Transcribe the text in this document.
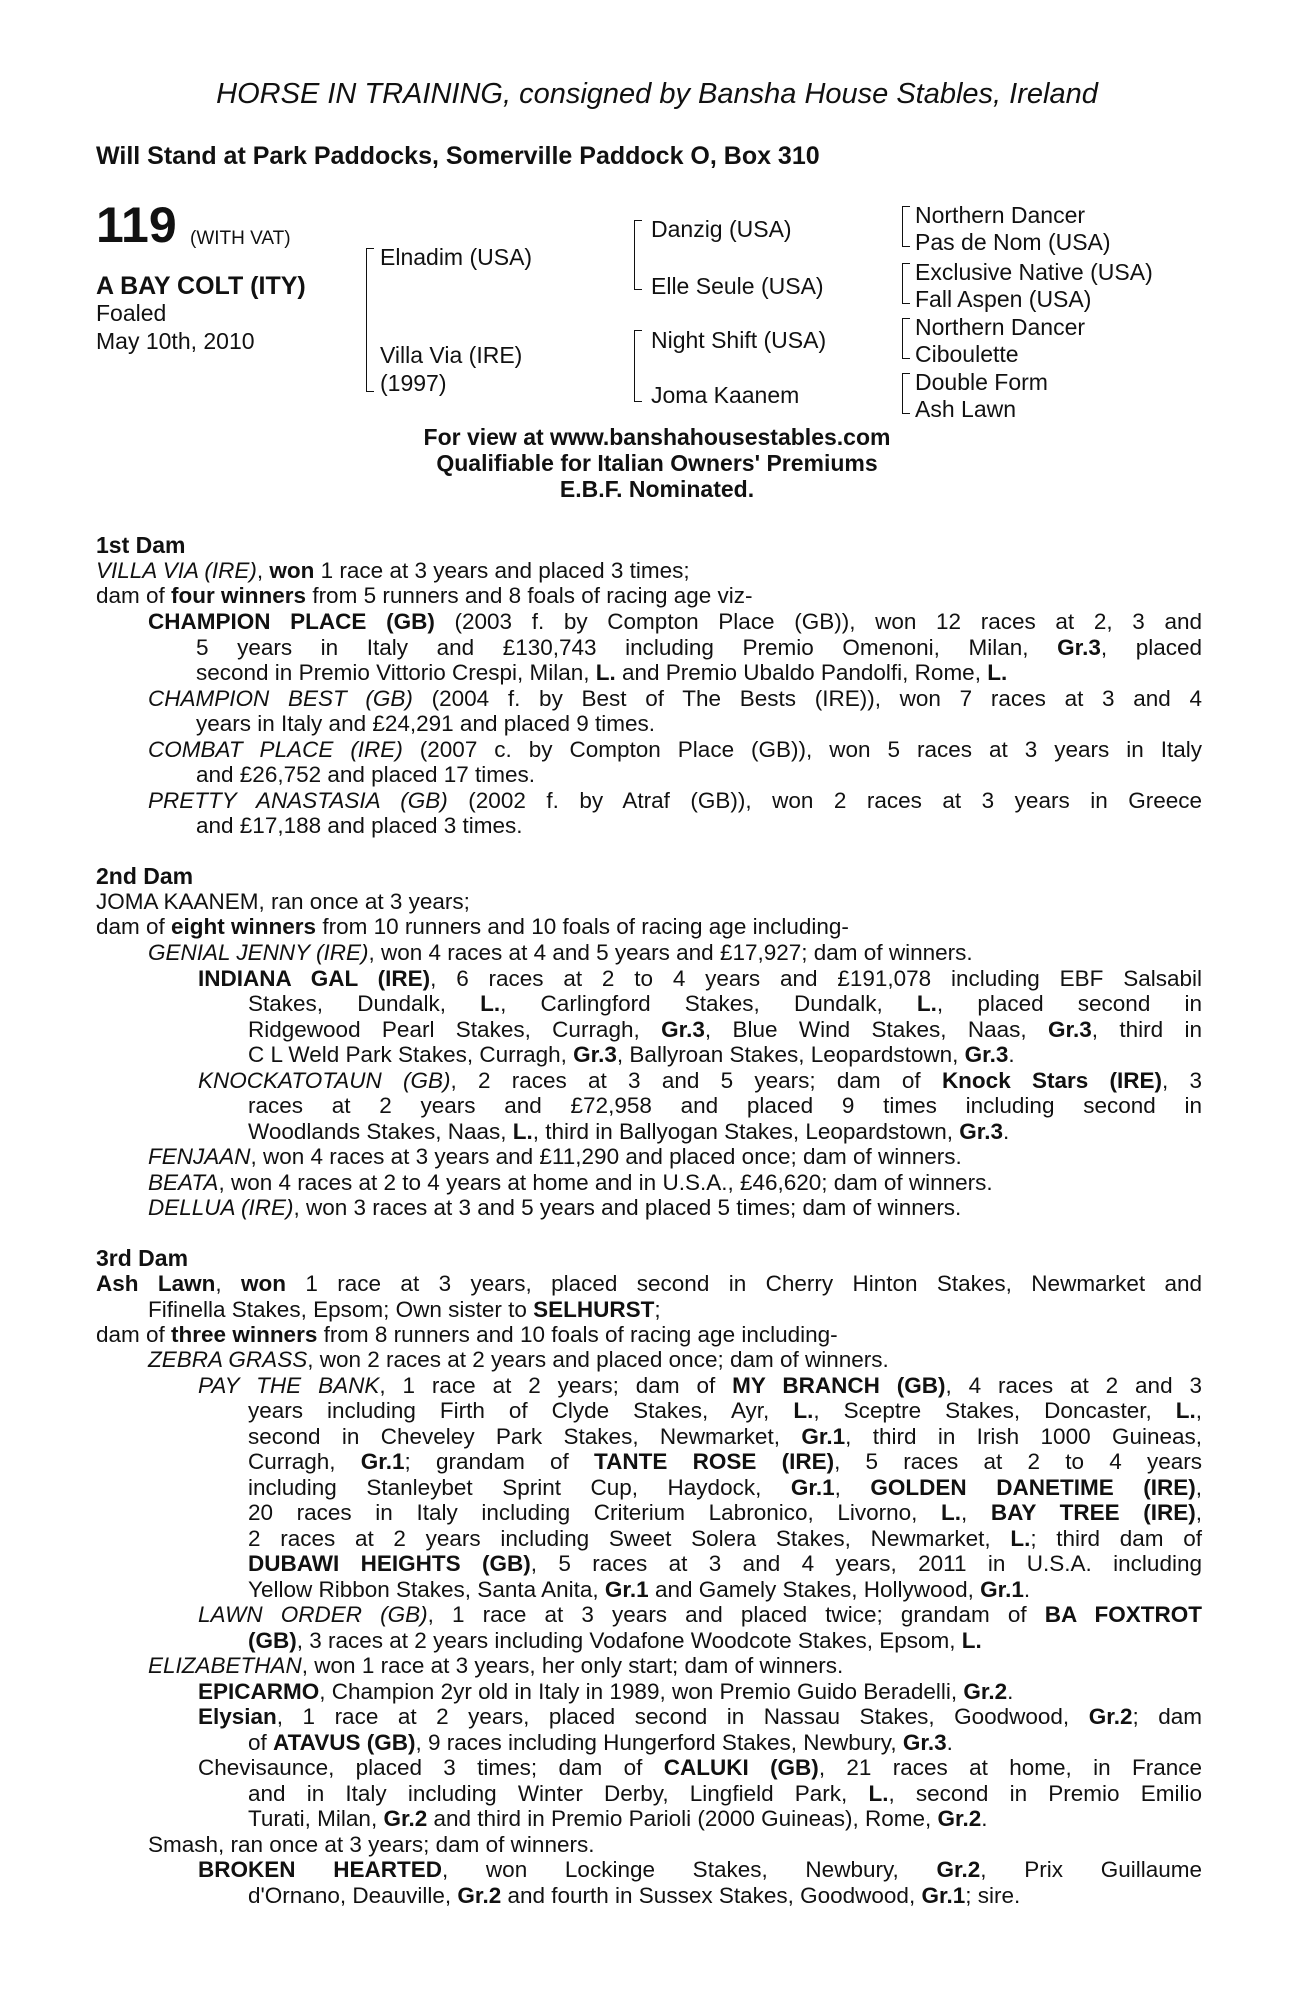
HORSE IN TRAINING, consigned by Bansha House Stables, Ireland
Will Stand at Park Paddocks, Somerville Paddock O, Box 310
119 (WITH VAT)
A BAY COLT (ITY)
Foaled
May 10th, 2010
Elnadim (USA)
Villa Via (IRE)
(1997)
Danzig (USA)
Elle Seule (USA)
Night Shift (USA)
Joma Kaanem
Northern Dancer
Pas de Nom (USA)
Exclusive Native (USA)
Fall Aspen (USA)
Northern Dancer
Ciboulette
Double Form
Ash Lawn
For view at www.banshahousestables.com
Qualifiable for Italian Owners' Premiums
E.B.F. Nominated.
1st Dam
VILLA VIA (IRE), won 1 race at 3 years and placed 3 times;
dam of four winners from 5 runners and 8 foals of racing age viz-
CHAMPION PLACE (GB) (2003 f. by Compton Place (GB)), won 12 races at 2, 3 and
5 years in Italy and £130,743 including Premio Omenoni, Milan, Gr.3, placed
second in Premio Vittorio Crespi, Milan, L. and Premio Ubaldo Pandolfi, Rome, L.
CHAMPION BEST (GB) (2004 f. by Best of The Bests (IRE)), won 7 races at 3 and 4
years in Italy and £24,291 and placed 9 times.
COMBAT PLACE (IRE) (2007 c. by Compton Place (GB)), won 5 races at 3 years in Italy
and £26,752 and placed 17 times.
PRETTY ANASTASIA (GB) (2002 f. by Atraf (GB)), won 2 races at 3 years in Greece
and £17,188 and placed 3 times.
2nd Dam
JOMA KAANEM, ran once at 3 years;
dam of eight winners from 10 runners and 10 foals of racing age including-
GENIAL JENNY (IRE), won 4 races at 4 and 5 years and £17,927; dam of winners.
INDIANA GAL (IRE), 6 races at 2 to 4 years and £191,078 including EBF Salsabil
Stakes, Dundalk, L., Carlingford Stakes, Dundalk, L., placed second in
Ridgewood Pearl Stakes, Curragh, Gr.3, Blue Wind Stakes, Naas, Gr.3, third in
C L Weld Park Stakes, Curragh, Gr.3, Ballyroan Stakes, Leopardstown, Gr.3.
KNOCKATOTAUN (GB), 2 races at 3 and 5 years; dam of Knock Stars (IRE), 3
races at 2 years and £72,958 and placed 9 times including second in
Woodlands Stakes, Naas, L., third in Ballyogan Stakes, Leopardstown, Gr.3.
FENJAAN, won 4 races at 3 years and £11,290 and placed once; dam of winners.
BEATA, won 4 races at 2 to 4 years at home and in U.S.A., £46,620; dam of winners.
DELLUA (IRE), won 3 races at 3 and 5 years and placed 5 times; dam of winners.
3rd Dam
Ash Lawn, won 1 race at 3 years, placed second in Cherry Hinton Stakes, Newmarket and
Fifinella Stakes, Epsom; Own sister to SELHURST;
dam of three winners from 8 runners and 10 foals of racing age including-
ZEBRA GRASS, won 2 races at 2 years and placed once; dam of winners.
PAY THE BANK, 1 race at 2 years; dam of MY BRANCH (GB), 4 races at 2 and 3
years including Firth of Clyde Stakes, Ayr, L., Sceptre Stakes, Doncaster, L.,
second in Cheveley Park Stakes, Newmarket, Gr.1, third in Irish 1000 Guineas,
Curragh, Gr.1; grandam of TANTE ROSE (IRE), 5 races at 2 to 4 years
including Stanleybet Sprint Cup, Haydock, Gr.1, GOLDEN DANETIME (IRE),
20 races in Italy including Criterium Labronico, Livorno, L., BAY TREE (IRE),
2 races at 2 years including Sweet Solera Stakes, Newmarket, L.; third dam of
DUBAWI HEIGHTS (GB), 5 races at 3 and 4 years, 2011 in U.S.A. including
Yellow Ribbon Stakes, Santa Anita, Gr.1 and Gamely Stakes, Hollywood, Gr.1.
LAWN ORDER (GB), 1 race at 3 years and placed twice; grandam of BA FOXTROT
(GB), 3 races at 2 years including Vodafone Woodcote Stakes, Epsom, L.
ELIZABETHAN, won 1 race at 3 years, her only start; dam of winners.
EPICARMO, Champion 2yr old in Italy in 1989, won Premio Guido Beradelli, Gr.2.
Elysian, 1 race at 2 years, placed second in Nassau Stakes, Goodwood, Gr.2; dam
of ATAVUS (GB), 9 races including Hungerford Stakes, Newbury, Gr.3.
Chevisaunce, placed 3 times; dam of CALUKI (GB), 21 races at home, in France
and in Italy including Winter Derby, Lingfield Park, L., second in Premio Emilio
Turati, Milan, Gr.2 and third in Premio Parioli (2000 Guineas), Rome, Gr.2.
Smash, ran once at 3 years; dam of winners.
BROKEN HEARTED, won Lockinge Stakes, Newbury, Gr.2, Prix Guillaume
d'Ornano, Deauville, Gr.2 and fourth in Sussex Stakes, Goodwood, Gr.1; sire.
